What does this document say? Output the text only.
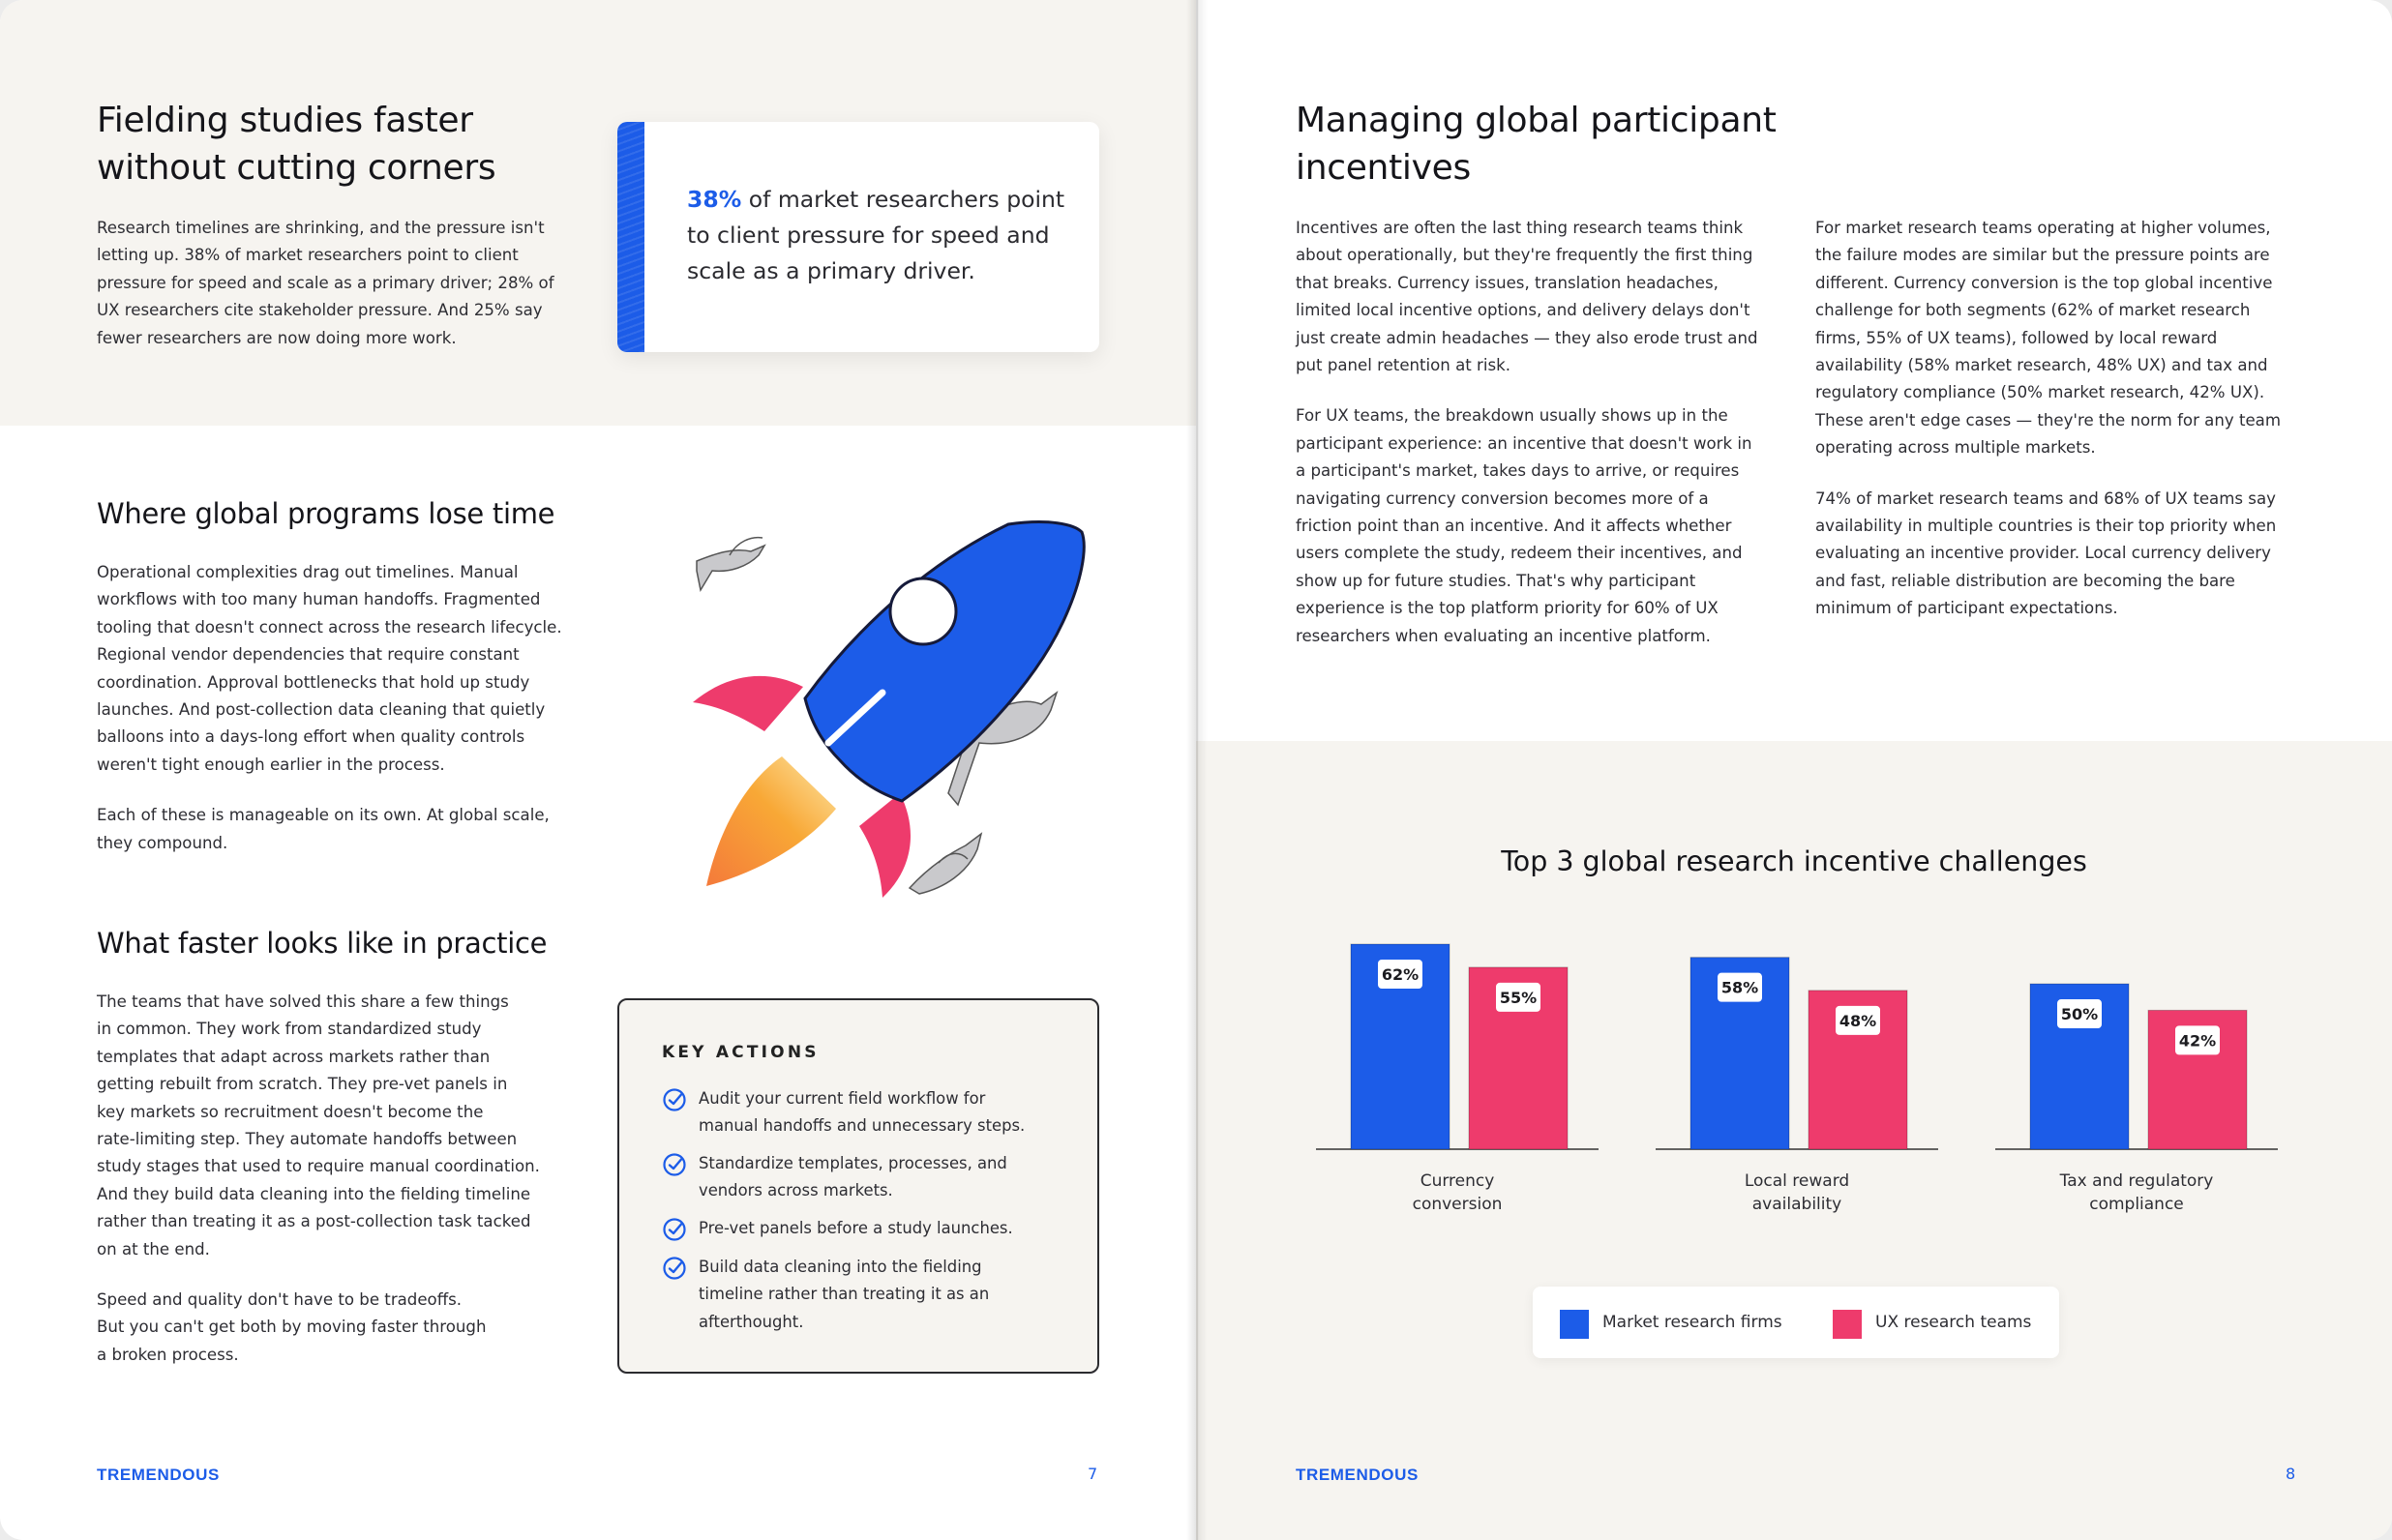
Fielding studies faster
without cutting corners
Research timelines are shrinking, and the pressure isn't
letting up. 38% of market researchers point to client
pressure for speed and scale as a primary driver; 28% of
UX researchers cite stakeholder pressure. And 25% say
fewer researchers are now doing more work.
38% of market researchers point
to client pressure for speed and
scale as a primary driver.
Where global programs lose time

Operational complexities drag out timelines. Manual
workflows with too many human handoffs. Fragmented
tooling that doesn't connect across the research lifecycle.
Regional vendor dependencies that require constant
coordination. Approval bottlenecks that hold up study
launches. And post-collection data cleaning that quietly
balloons into a days-long effort when quality controls
weren't tight enough earlier in the process.

Each of these is manageable on its own. At global scale,
they compound.

What faster looks like in practice

The teams that have solved this share a few things
in common. They work from standardized study
templates that adapt across markets rather than
getting rebuilt from scratch. They pre-vet panels in
key markets so recruitment doesn't become the
rate-limiting step. They automate handoffs between
study stages that used to require manual coordination.
And they build data cleaning into the fielding timeline
rather than treating it as a post-collection task tacked
on at the end.

Speed and quality don't have to be tradeoffs.
But you can't get both by moving faster through
a broken process.

KEY ACTIONS
Audit your current field workflow for
manual handoffs and unnecessary steps.
Standardize templates, processes, and
vendors across markets.
Pre-vet panels before a study launches.
Build data cleaning into the fielding
timeline rather than treating it as an
afterthought.
TREMENDOUS	7
Managing global participant
incentives

Incentives are often the last thing research teams think
about operationally, but they're frequently the first thing
that breaks. Currency issues, translation headaches,
limited local incentive options, and delivery delays don't
just create admin headaches — they also erode trust and
put panel retention at risk.

For UX teams, the breakdown usually shows up in the
participant experience: an incentive that doesn't work in
a participant's market, takes days to arrive, or requires
navigating currency conversion becomes more of a
friction point than an incentive. And it affects whether
users complete the study, redeem their incentives, and
show up for future studies. That's why participant
experience is the top platform priority for 60% of UX
researchers when evaluating an incentive platform.

For market research teams operating at higher volumes,
the failure modes are similar but the pressure points are
different. Currency conversion is the top global incentive
challenge for both segments (62% of market research
firms, 55% of UX teams), followed by local reward
availability (58% market research, 48% UX) and tax and
regulatory compliance (50% market research, 42% UX).
These aren't edge cases — they're the norm for any team
operating across multiple markets.

74% of market research teams and 68% of UX teams say
availability in multiple countries is their top priority when
evaluating an incentive provider. Local currency delivery
and fast, reliable distribution are becoming the bare
minimum of participant expectations.

TREMENDOUS	8
Top 3 global research incentive challenges
62%
55%
Currency
conversion
58%
48%
Local reward
availability
50%
42%
Tax and regulatory
compliance
Market research firms	UX research teams
